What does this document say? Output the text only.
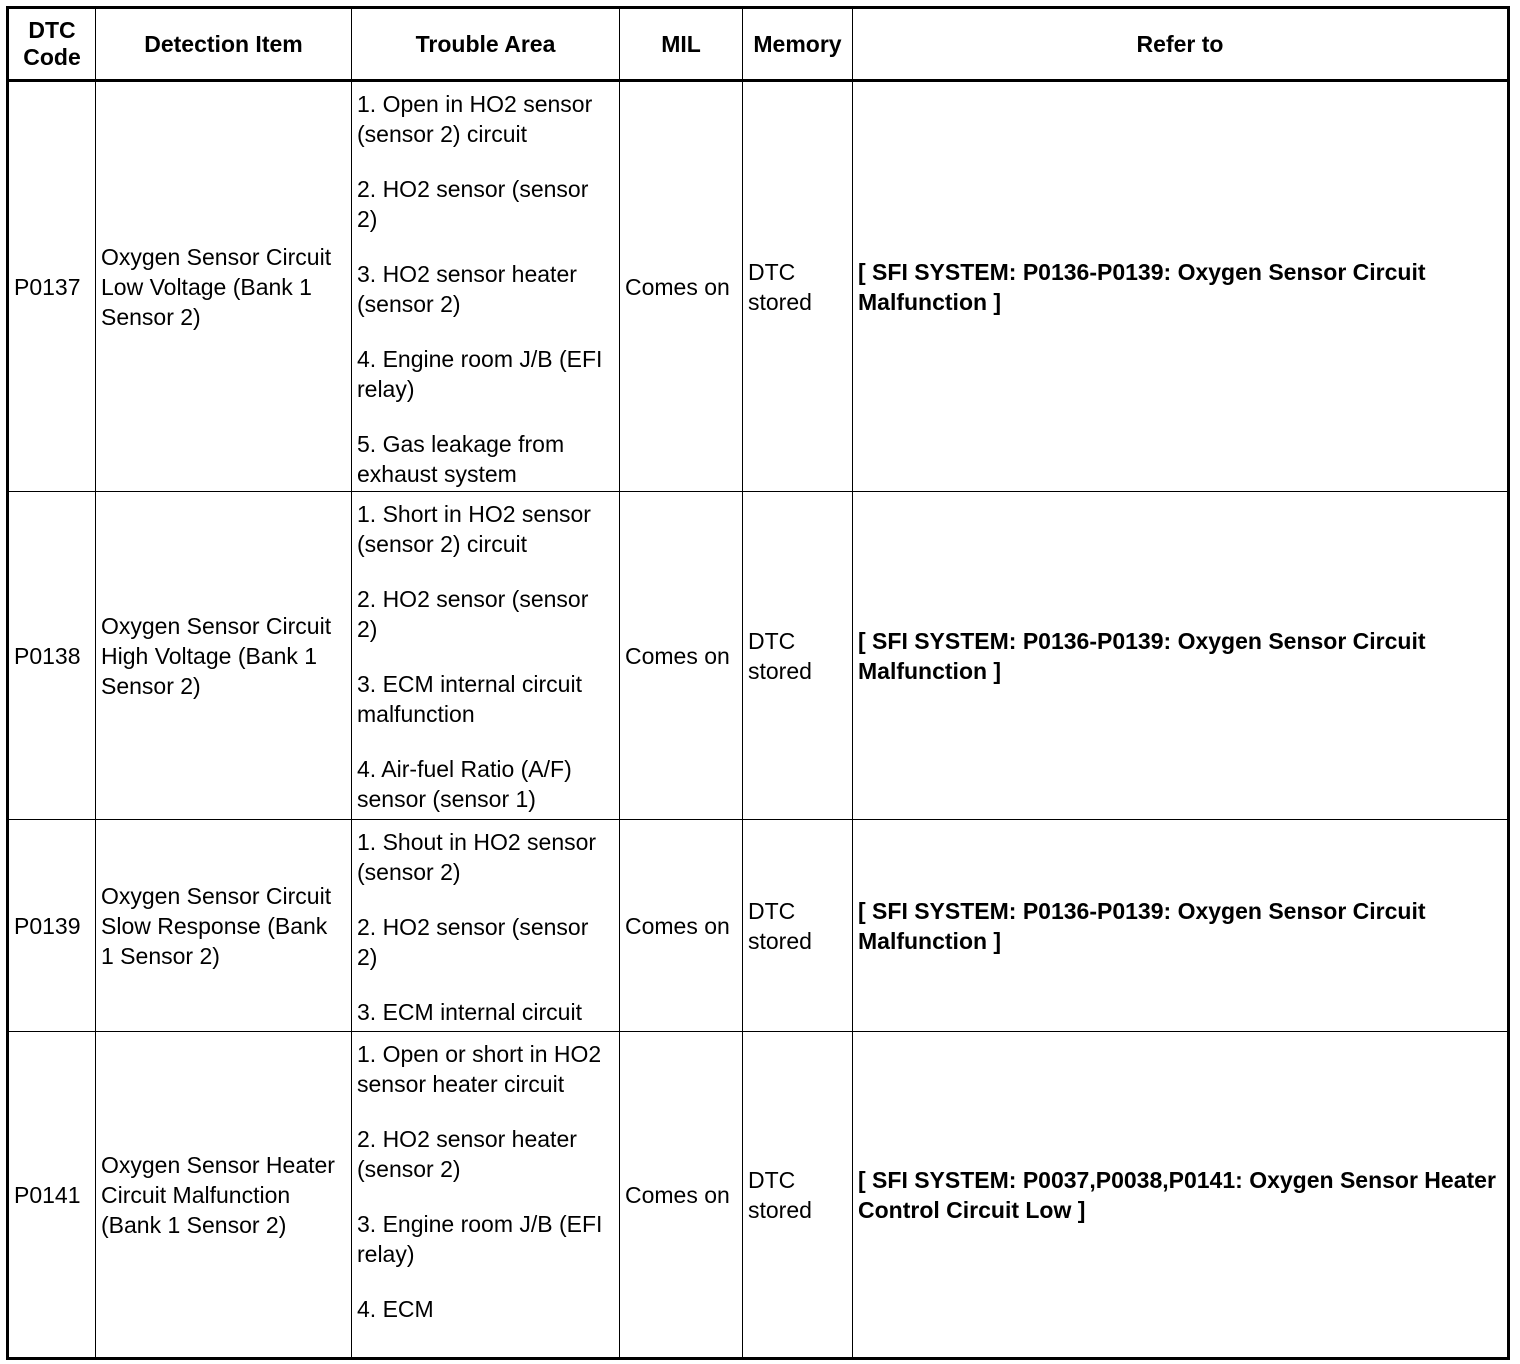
DTC Code	Detection Item	Trouble Area	MIL	Memory	Refer to
P0137	Oxygen Sensor Circuit Low Voltage (Bank 1 Sensor 2)	1. Open in HO2 sensor (sensor 2) circuit
2. HO2 sensor (sensor 2)
3. HO2 sensor heater (sensor 2)
4. Engine room J/B (EFI relay)
5. Gas leakage from exhaust system	Comes on	DTC stored	[ SFI SYSTEM: P0136-P0139: Oxygen Sensor Circuit Malfunction ]
P0138	Oxygen Sensor Circuit High Voltage (Bank 1 Sensor 2)	1. Short in HO2 sensor (sensor 2) circuit
2. HO2 sensor (sensor 2)
3. ECM internal circuit malfunction
4. Air-fuel Ratio (A/F) sensor (sensor 1)	Comes on	DTC stored	[ SFI SYSTEM: P0136-P0139: Oxygen Sensor Circuit Malfunction ]
P0139	Oxygen Sensor Circuit Slow Response (Bank 1 Sensor 2)	1. Shout in HO2 sensor (sensor 2)
2. HO2 sensor (sensor 2)
3. ECM internal circuit	Comes on	DTC stored	[ SFI SYSTEM: P0136-P0139: Oxygen Sensor Circuit Malfunction ]
P0141	Oxygen Sensor Heater Circuit Malfunction (Bank 1 Sensor 2)	1. Open or short in HO2 sensor heater circuit
2. HO2 sensor heater (sensor 2)
3. Engine room J/B (EFI relay)
4. ECM	Comes on	DTC stored	[ SFI SYSTEM: P0037,P0038,P0141: Oxygen Sensor Heater Control Circuit Low ]
